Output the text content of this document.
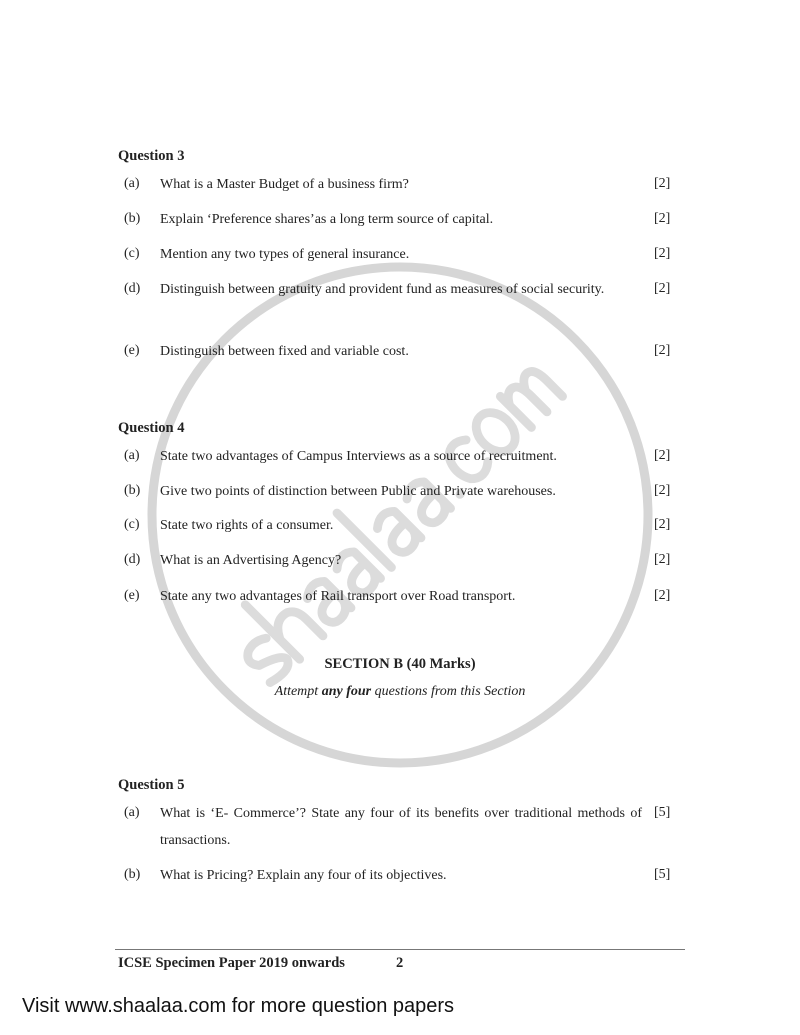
Question 3
(a) What is a Master Budget of a business firm?	[2]
(b) Explain ‘Preference shares’as a long term source of capital.	[2]
(c) Mention any two types of general insurance.	[2]
(d) Distinguish between gratuity and provident fund as measures of social security.	[2]
(e) Distinguish between fixed and variable cost.	[2]
Question 4
(a) State two advantages of Campus Interviews as a source of recruitment.	[2]
(b) Give two points of distinction between Public and Private warehouses.	[2]
(c) State two rights of a consumer.	[2]
(d) What is an Advertising Agency?	[2]
(e) State any two advantages of Rail transport over Road transport.	[2]
SECTION B (40 Marks)
Attempt any four questions from this Section
Question 5
(a) What is ‘E- Commerce’? State any four of its benefits over traditional methods of transactions.
[5]
(b) What is Pricing? Explain any four of its objectives.	[5]
ICSE Specimen Paper 2019 onwards	2
Visit www.shaalaa.com for more question papers
